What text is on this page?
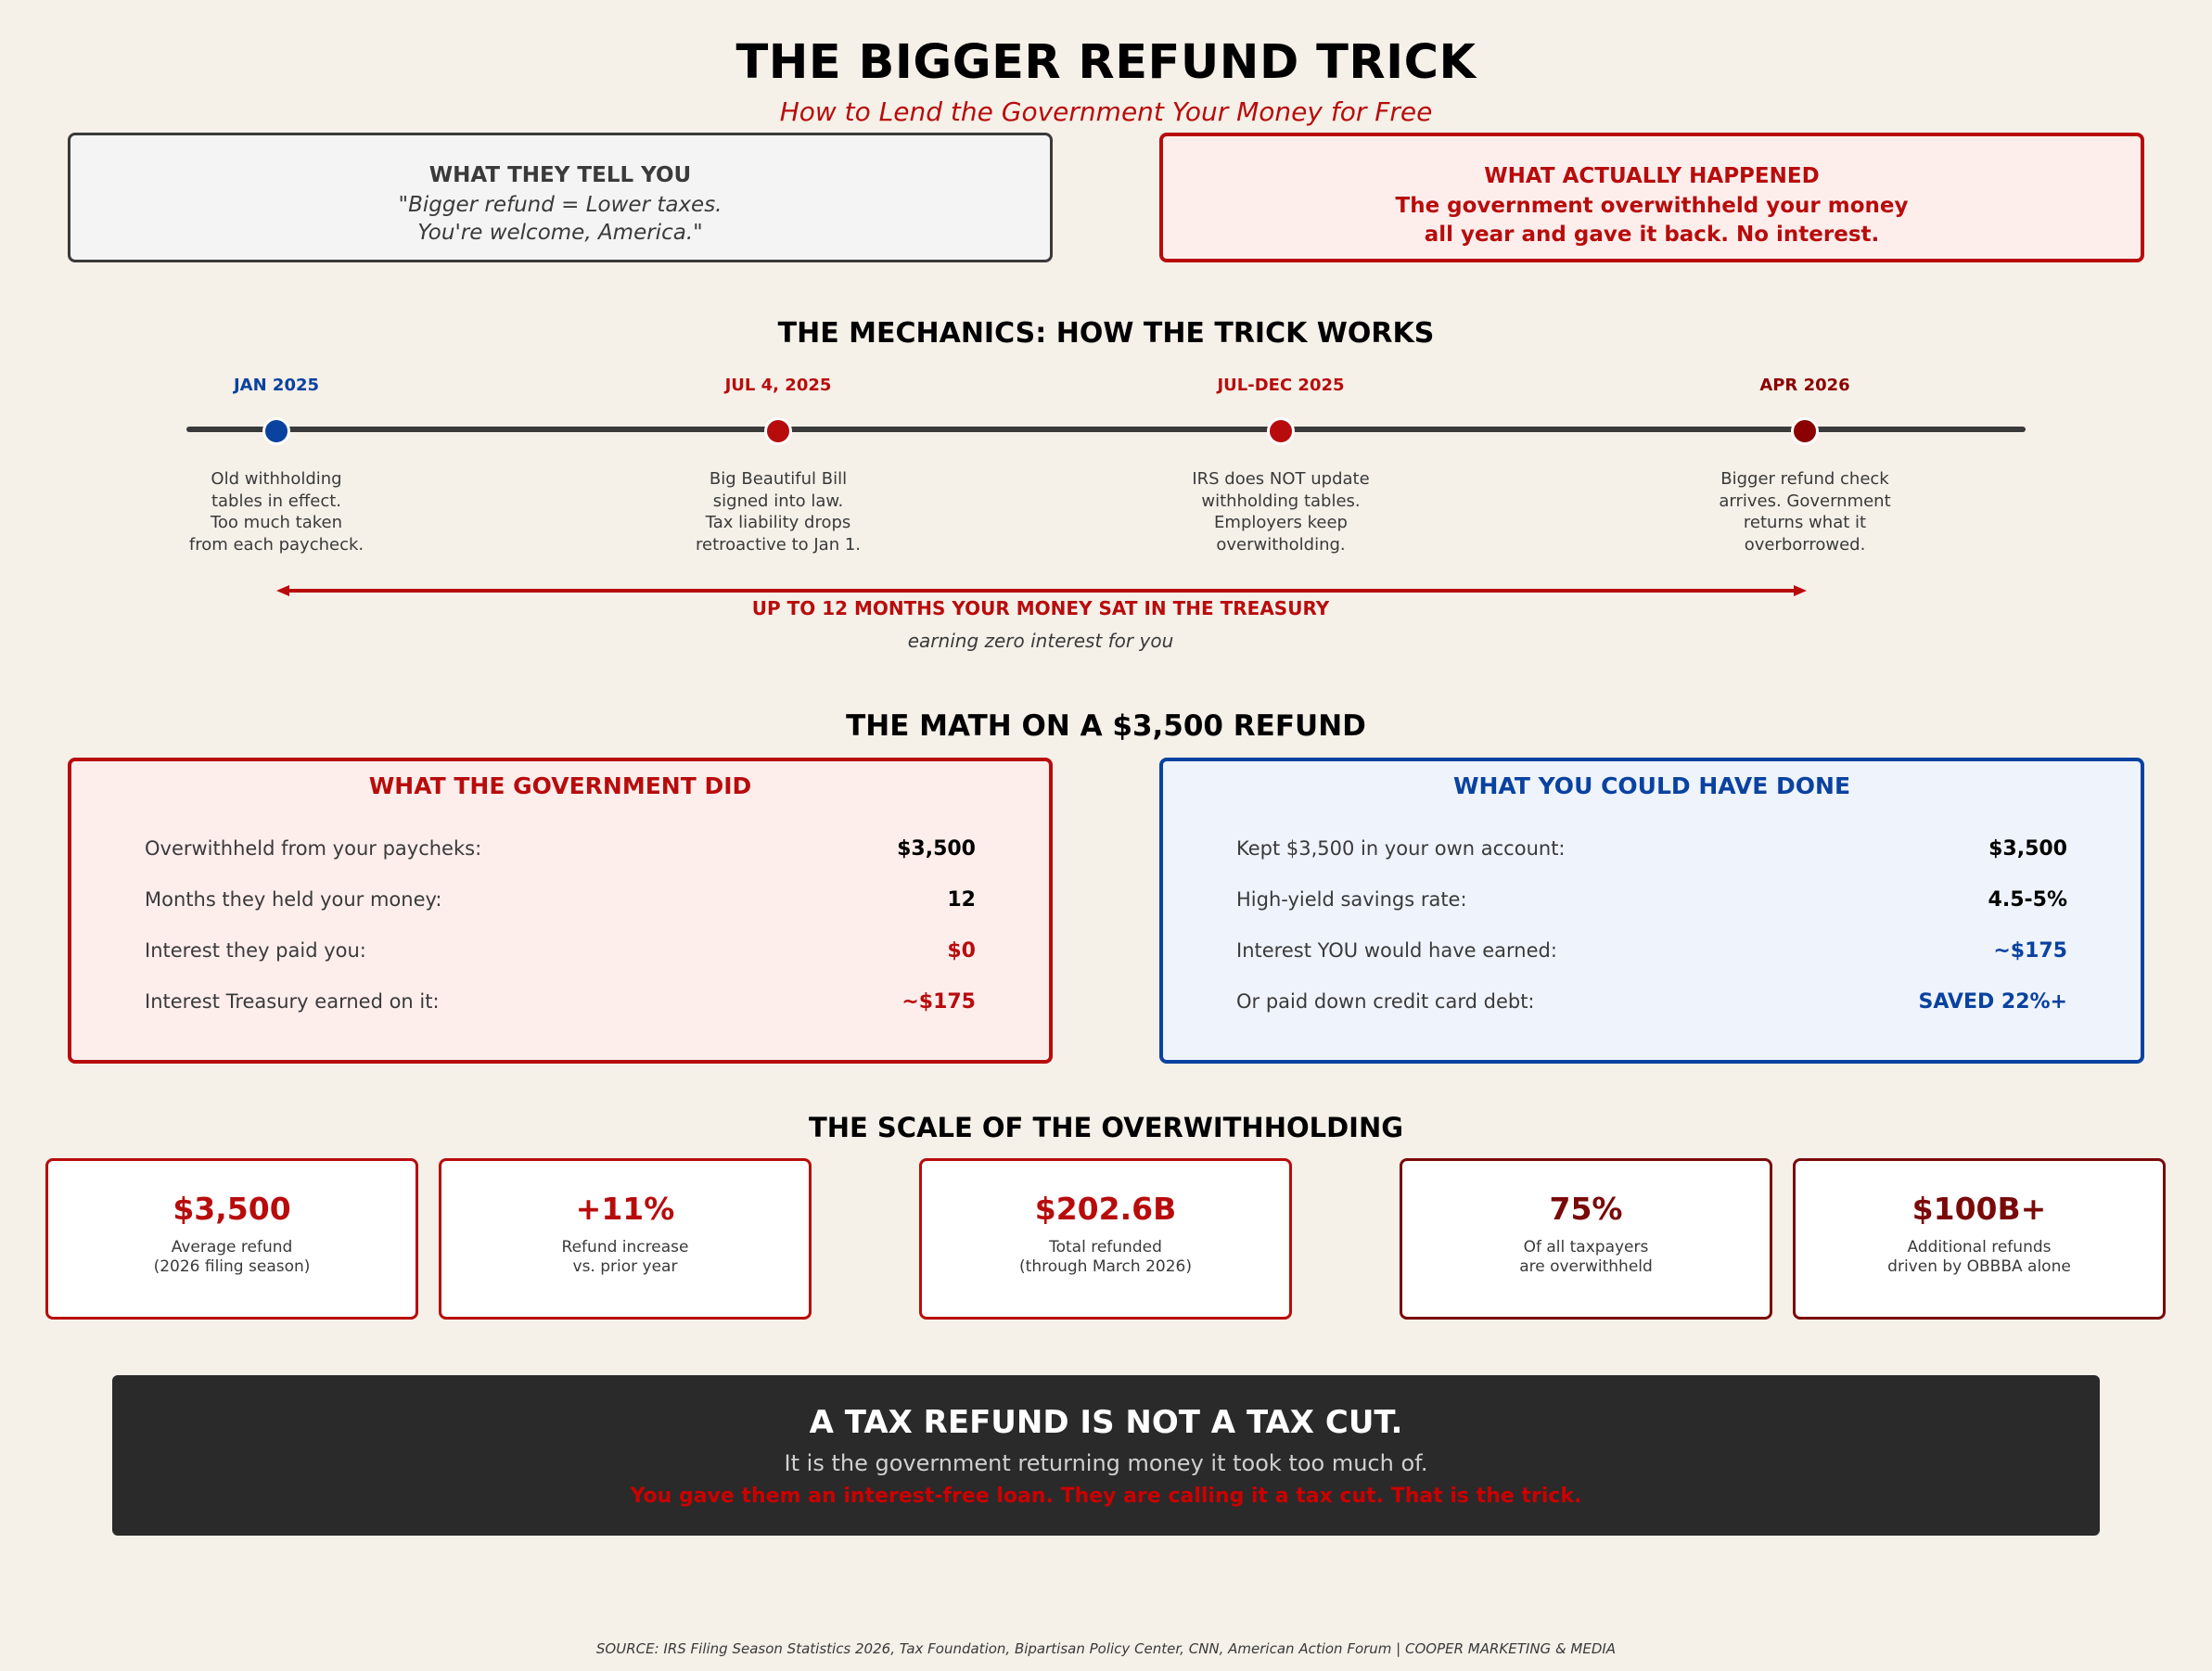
THE BIGGER REFUND TRICK
How to Lend the Government Your Money for Free
WHAT THEY TELL YOU
"Bigger refund = Lower taxes.
You're welcome, America."
WHAT ACTUALLY HAPPENED
The government overwithheld your money
all year and gave it back. No interest.
THE MECHANICS: HOW THE TRICK WORKS
JAN 2025
Old withholding
tables in effect.
Too much taken
from each paycheck.
JUL 4, 2025
Big Beautiful Bill
signed into law.
Tax liability drops
retroactive to Jan 1.
JUL-DEC 2025
IRS does NOT update
withholding tables.
Employers keep
overwitholding.
APR 2026
Bigger refund check
arrives. Government
returns what it
overborrowed.
UP TO 12 MONTHS YOUR MONEY SAT IN THE TREASURY
earning zero interest for you
THE MATH ON A $3,500 REFUND
WHAT THE GOVERNMENT DID
Overwithheld from your paycheks:	$3,500
Months they held your money:	12
Interest they paid you:	$0
Interest Treasury earned on it:	~$175
WHAT YOU COULD HAVE DONE
Kept $3,500 in your own account:	$3,500
High-yield savings rate:	4.5-5%
Interest YOU would have earned:	~$175
Or paid down credit card debt:	SAVED 22%+
THE SCALE OF THE OVERWITHHOLDING
$3,500
Average refund
(2026 filing season)
+11%
Refund increase
vs. prior year
$202.6B
Total refunded
(through March 2026)
75%
Of all taxpayers
are overwithheld
$100B+
Additional refunds
driven by OBBBA alone
A TAX REFUND IS NOT A TAX CUT.
It is the government returning money it took too much of.
You gave them an interest-free loan. They are calling it a tax cut. That is the trick.
SOURCE: IRS Filing Season Statistics 2026, Tax Foundation, Bipartisan Policy Center, CNN, American Action Forum | COOPER MARKETING & MEDIA
